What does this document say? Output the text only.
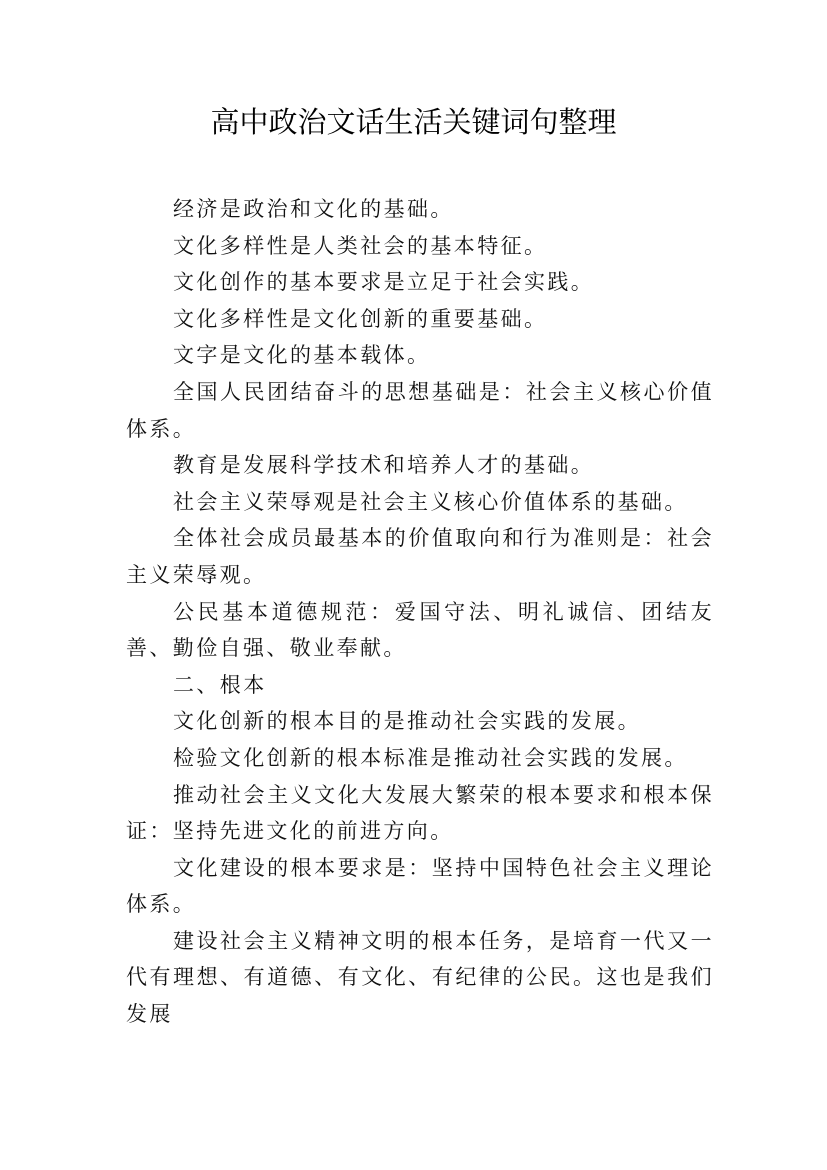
高中政治文话生活关键词句整理

经济是政治和文化的基础。

文化多样性是人类社会的基本特征。

文化创作的基本要求是立足于社会实践。

文化多样性是文化创新的重要基础。

文字是文化的基本载体。

全国人民团结奋斗的思想基础是：社会主义核心价值体系。

教育是发展科学技术和培养人才的基础。

社会主义荣辱观是社会主义核心价值体系的基础。

全体社会成员最基本的价值取向和行为准则是：社会主义荣辱观。

公民基本道德规范：爱国守法、明礼诚信、团结友善、勤俭自强、敬业奉献。

二、根本

文化创新的根本目的是推动社会实践的发展。

检验文化创新的根本标准是推动社会实践的发展。

推动社会主义文化大发展大繁荣的根本要求和根本保证：坚持先进文化的前进方向。

文化建设的根本要求是：坚持中国特色社会主义理论体系。

建设社会主义精神文明的根本任务，是培育一代又一代有理想、有道德、有文化、有纪律的公民。这也是我们发展
